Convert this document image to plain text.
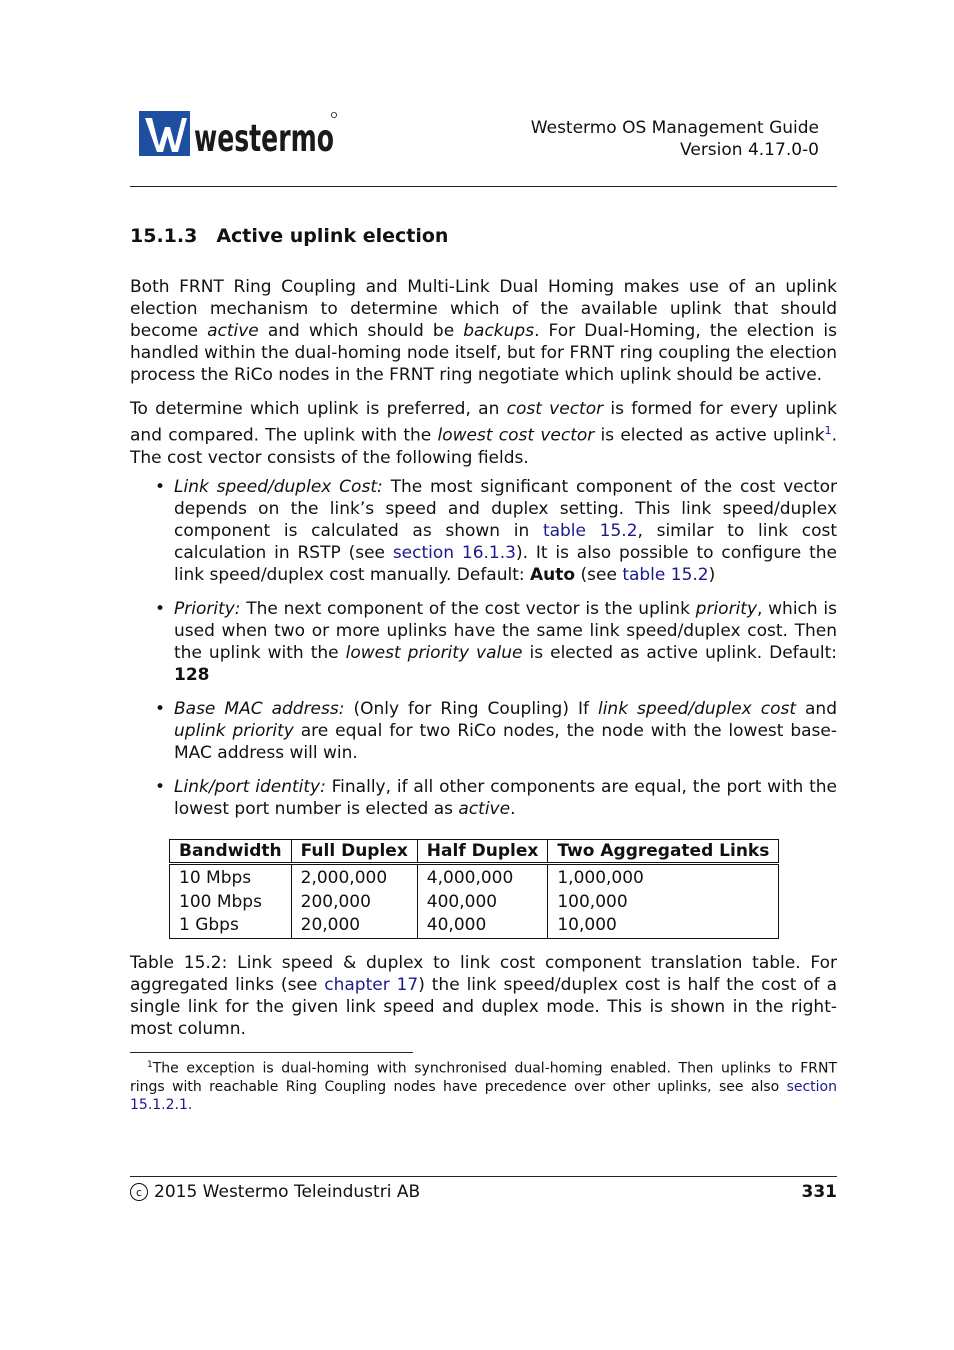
westermo	Westermo OS Management Guide
Version 4.17.0-0
15.1.3 Active uplink election

Both FRNT Ring Coupling and Multi-Link Dual Homing makes use of an uplink election mechanism to determine which of the available uplink that should become active and which should be backups. For Dual-Homing, the election is handled within the dual-homing node itself, but for FRNT ring coupling the election process the RiCo nodes in the FRNT ring negotiate which uplink should be active.

To determine which uplink is preferred, an cost vector is formed for every uplink and compared. The uplink with the lowest cost vector is elected as active uplink$^1$. The cost vector consists of the following fields.

• Link speed/duplex Cost: The most significant component of the cost vector depends on the link’s speed and duplex setting. This link speed/duplex component is calculated as shown in table 15.2, similar to link cost calculation in RSTP (see section 16.1.3). It is also possible to configure the link speed/duplex cost manually. Default: Auto (see table 15.2)
• Priority: The next component of the cost vector is the uplink priority, which is used when two or more uplinks have the same link speed/duplex cost. Then the uplink with the lowest priority value is elected as active uplink. Default: 128
• Base MAC address: (Only for Ring Coupling) If link speed/duplex cost and uplink priority are equal for two RiCo nodes, the node with the lowest base-MAC address will win.
• Link/port identity: Finally, if all other components are equal, the port with the lowest port number is elected as active.
Bandwidth	Full Duplex	Half Duplex	Two Aggregated Links
10 Mbps	2,000,000	4,000,000	1,000,000
100 Mbps	200,000	400,000	100,000
1 Gbps	20,000	40,000	10,000

Table 15.2: Link speed & duplex to link cost component translation table. For aggregated links (see chapter 17) the link speed/duplex cost is half the cost of a single link for the given link speed and duplex mode. This is shown in the right-most column.

$^1$The exception is dual-homing with synchronised dual-homing enabled. Then uplinks to FRNT rings with reachable Ring Coupling nodes have precedence over other uplinks, see also section 15.1.2.1.
c 2015 Westermo Teleindustri AB	331
